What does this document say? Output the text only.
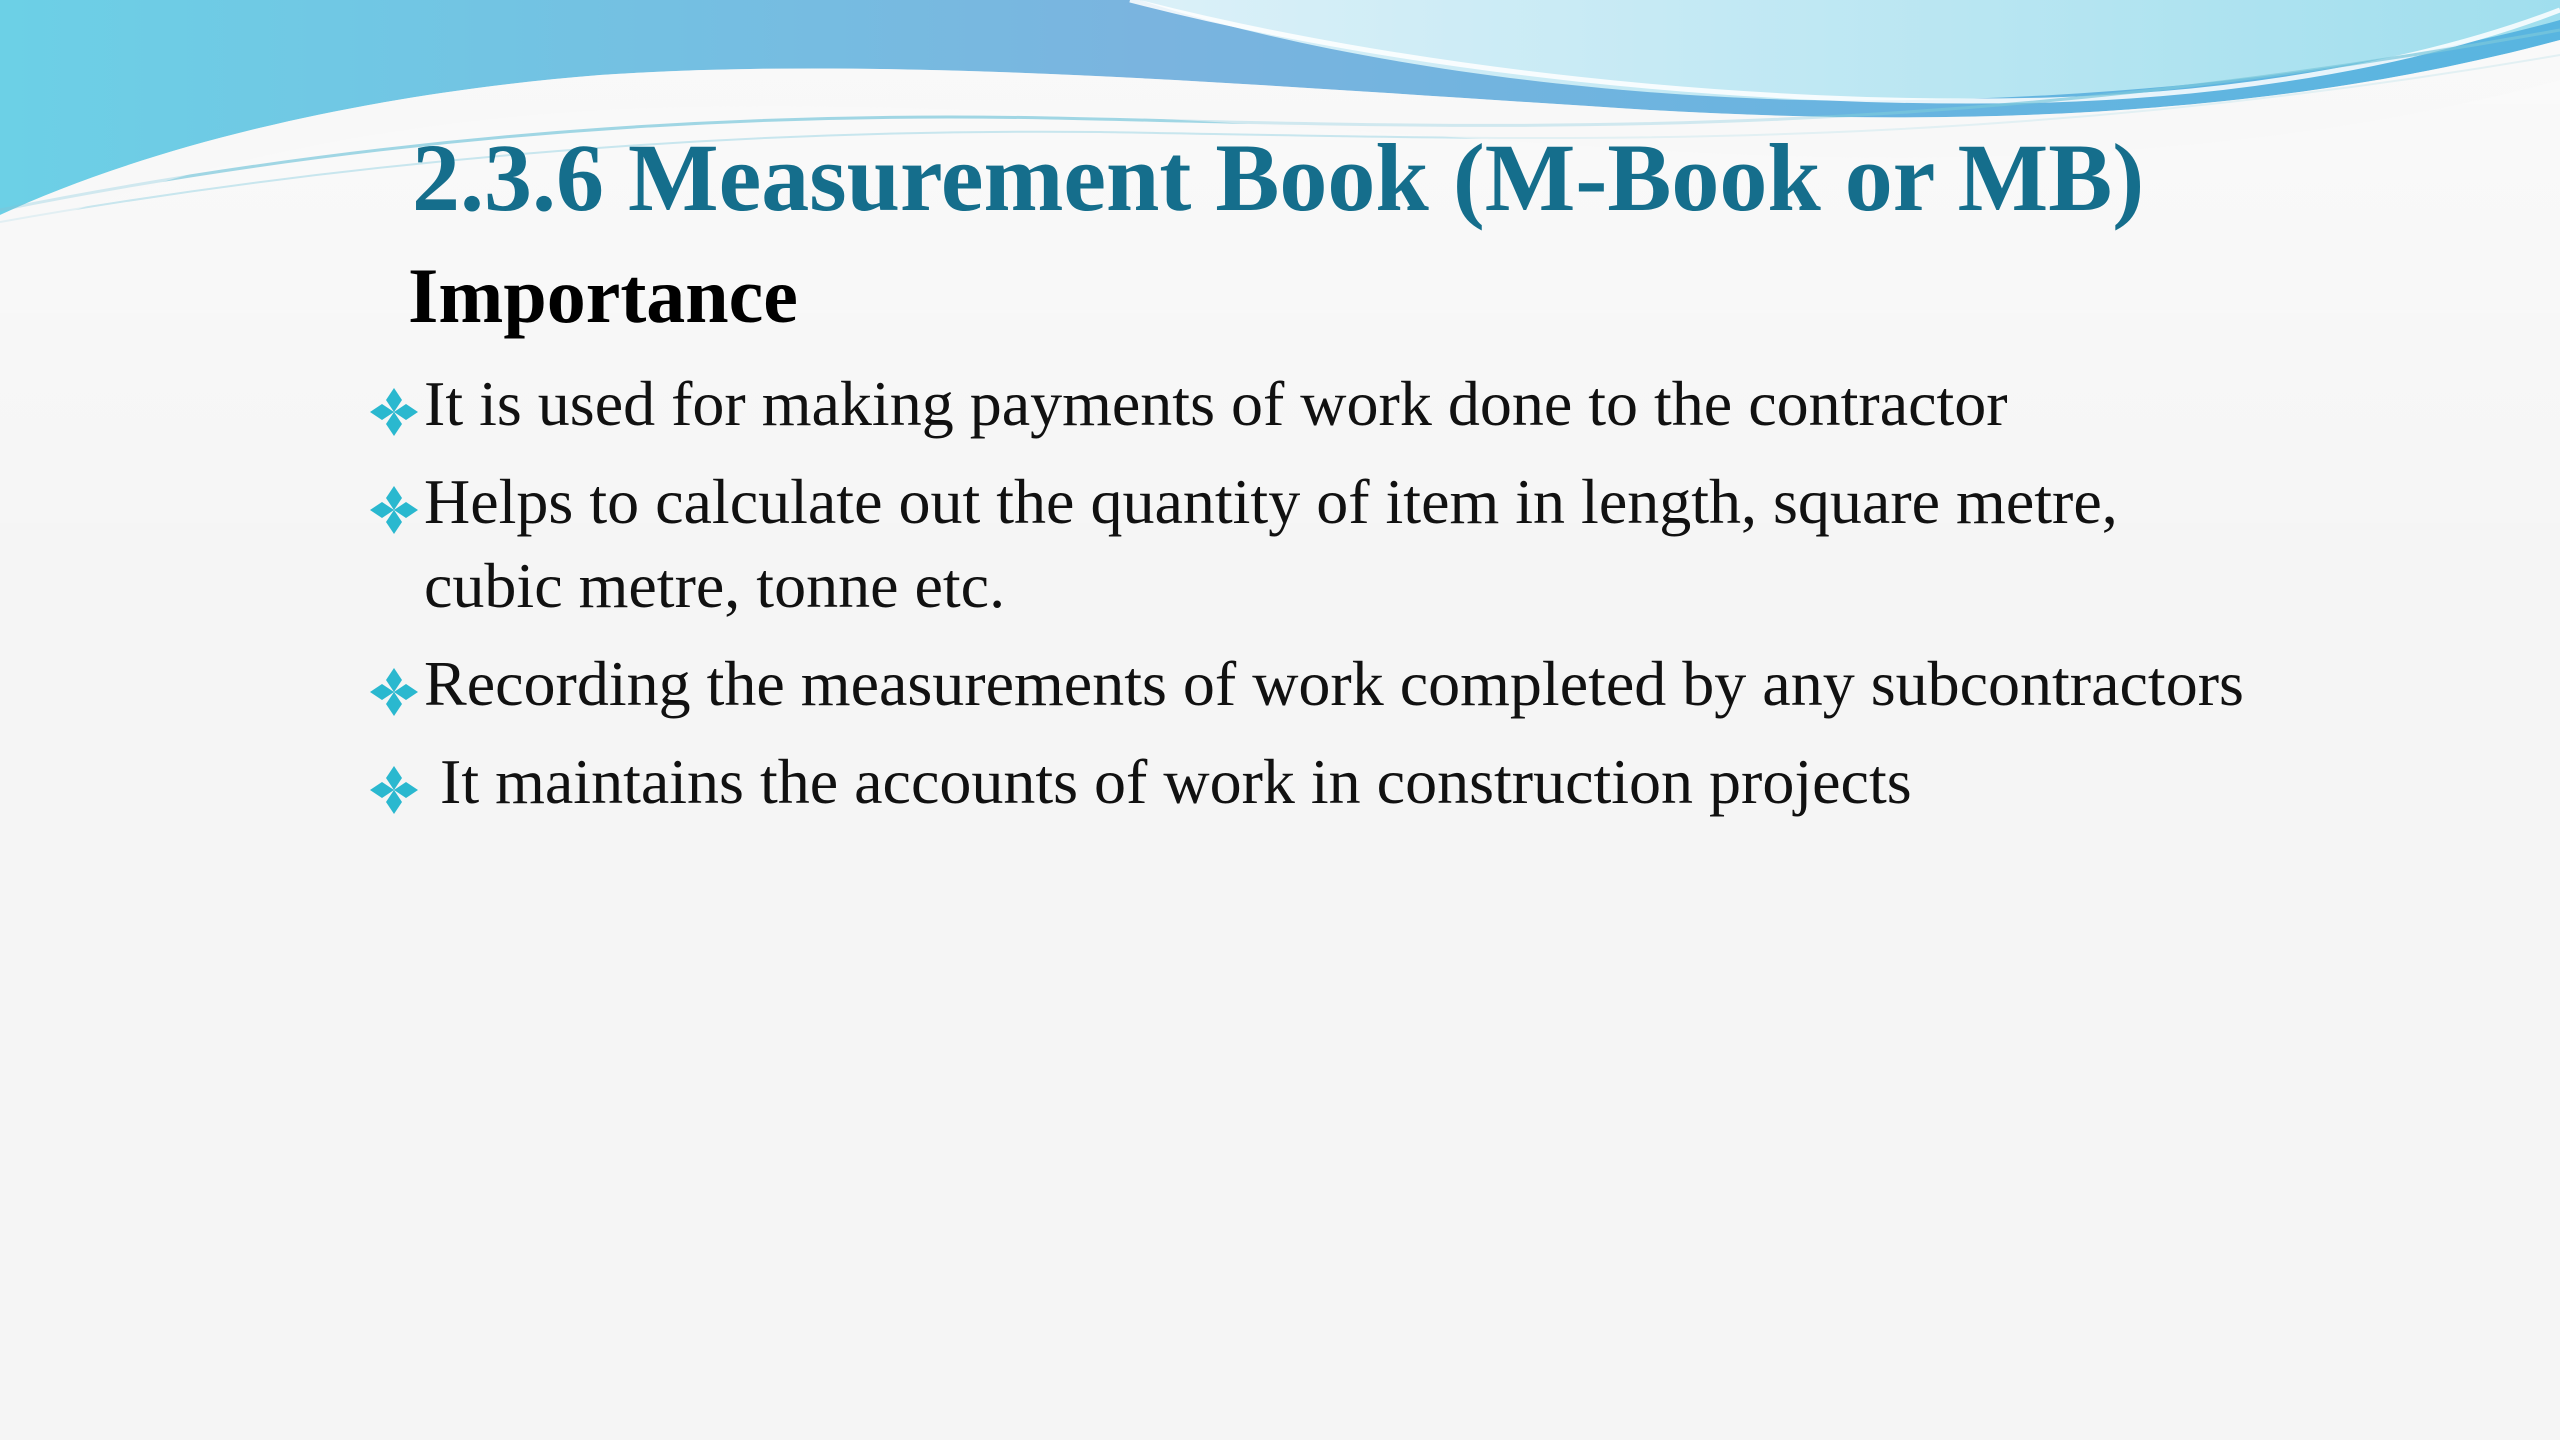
2.3.6 Measurement Book (M-Book or MB)
Importance
It is used for making payments of work done to the contractor
Helps to calculate out the quantity of item in length, square metre, cubic metre, tonne etc.
Recording the measurements of work completed by any subcontractors
It maintains the accounts of work in construction projects
